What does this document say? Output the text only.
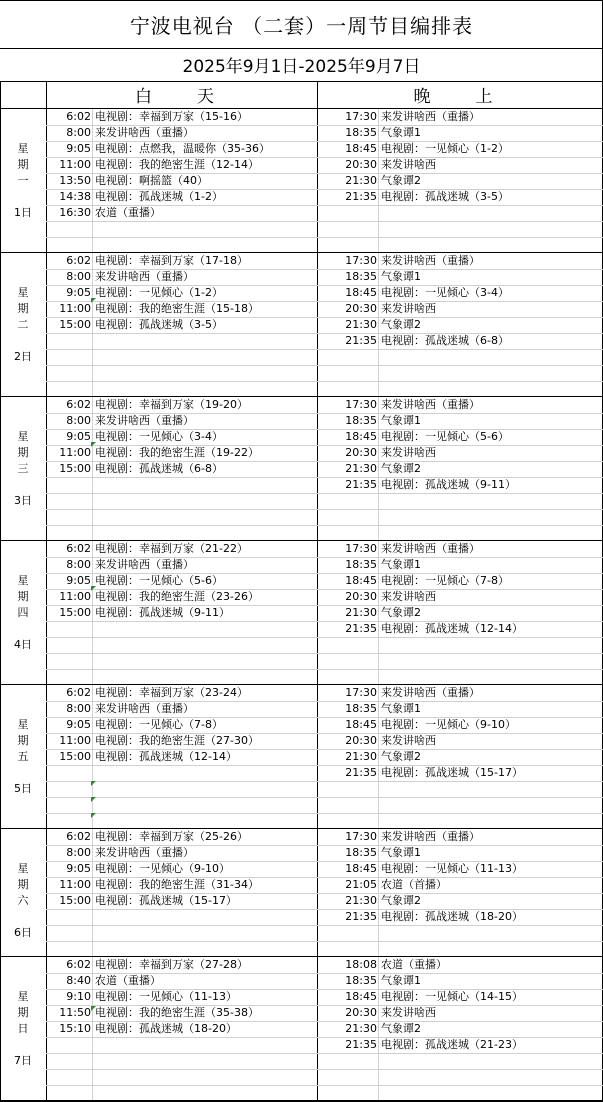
宁波电视台 （二套）一周节目编排表
2025年9月1日-2025年9月7日
白　天	晚　上
星
期
一
1日
6:02 电视剧：幸福到万家（15-16）
8:00 来发讲啥西（重播）
9:05 电视剧：点燃我，温暖你（35-36）
11:00 电视剧：我的绝密生涯（12-14）
13:50 电视剧：啊摇篮（40）
14:38 电视剧：孤战迷城（1-2）
16:30 农道（重播）
17:30 来发讲啥西（重播）
18:35 气象谭1
18:45 电视剧：一见倾心（1-2）
20:30 来发讲啥西
21:30 气象谭2
21:35 电视剧：孤战迷城（3-5）
星
期
二
2日
6:02 电视剧：幸福到万家（17-18）
8:00 来发讲啥西（重播）
9:05 电视剧：一见倾心（1-2）
11:00 电视剧：我的绝密生涯（15-18）
15:00 电视剧：孤战迷城（3-5）
17:30 来发讲啥西（重播）
18:35 气象谭1
18:45 电视剧：一见倾心（3-4）
20:30 来发讲啥西
21:30 气象谭2
21:35 电视剧：孤战迷城（6-8）
星
期
三
3日
6:02 电视剧：幸福到万家（19-20）
8:00 来发讲啥西（重播）
9:05 电视剧：一见倾心（3-4）
11:00 电视剧：我的绝密生涯（19-22）
15:00 电视剧：孤战迷城（6-8）
17:30 来发讲啥西（重播）
18:35 气象谭1
18:45 电视剧：一见倾心（5-6）
20:30 来发讲啥西
21:30 气象谭2
21:35 电视剧：孤战迷城（9-11）
星
期
四
4日
6:02 电视剧：幸福到万家（21-22）
8:00 来发讲啥西（重播）
9:05 电视剧：一见倾心（5-6）
11:00 电视剧：我的绝密生涯（23-26）
15:00 电视剧：孤战迷城（9-11）
17:30 来发讲啥西（重播）
18:35 气象谭1
18:45 电视剧：一见倾心（7-8）
20:30 来发讲啥西
21:30 气象谭2
21:35 电视剧：孤战迷城（12-14）
星
期
五
5日
6:02 电视剧：幸福到万家（23-24）
8:00 来发讲啥西（重播）
9:05 电视剧：一见倾心（7-8）
11:00 电视剧：我的绝密生涯（27-30）
15:00 电视剧：孤战迷城（12-14）
17:30 来发讲啥西（重播）
18:35 气象谭1
18:45 电视剧：一见倾心（9-10）
20:30 来发讲啥西
21:30 气象谭2
21:35 电视剧：孤战迷城（15-17）
星
期
六
6日
6:02 电视剧：幸福到万家（25-26）
8:00 来发讲啥西（重播）
9:05 电视剧：一见倾心（9-10）
11:00 电视剧：我的绝密生涯（31-34）
15:00 电视剧：孤战迷城（15-17）
17:30 来发讲啥西（重播）
18:35 气象谭1
18:45 电视剧：一见倾心（11-13）
21:05 农道（首播）
21:30 气象谭2
21:35 电视剧：孤战迷城（18-20）
星
期
日
7日
6:02 电视剧：幸福到万家（27-28）
8:40 农道（重播）
9:10 电视剧：一见倾心（11-13）
11:50 电视剧：我的绝密生涯（35-38）
15:10 电视剧：孤战迷城（18-20）
18:08 农道（重播）
18:35 气象谭1
18:45 电视剧：一见倾心（14-15）
20:30 来发讲啥西
21:30 气象谭2
21:35 电视剧：孤战迷城（21-23）
